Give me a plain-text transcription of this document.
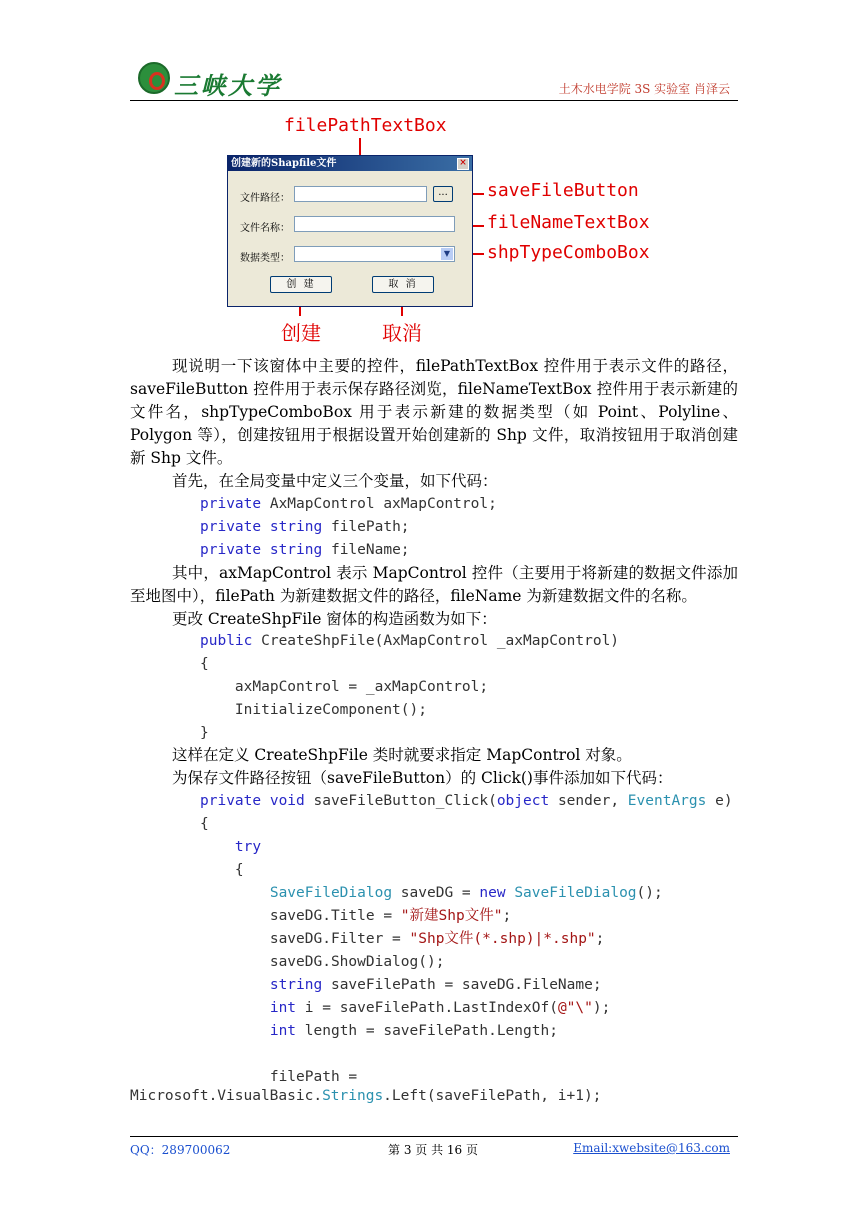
三峡大学	土木水电学院 3S 实验室 肖泽云
filePathTextBox
saveFileButton
fileNameTextBox
shpTypeComboBox
创建	取消
创建新的Shapfile文件	×
文件路径：
...
文件名称：
数据类型：	▼
创 建	取 消
现说明一下该窗体中主要的控件，filePathTextBox 控件用于表示文件的路径，saveFileButton 控件用于表示保存路径浏览，fileNameTextBox 控件用于表示新建的文件名，shpTypeComboBox 用于表示新建的数据类型（如 Point、Polyline、Polygon 等），创建按钮用于根据设置开始创建新的 Shp 文件，取消按钮用于取消创建新 Shp 文件。
首先，在全局变量中定义三个变量，如下代码：
private AxMapControl axMapControl;
private string filePath;
private string fileName;
其中，axMapControl 表示 MapControl 控件（主要用于将新建的数据文件添加至地图中），filePath 为新建数据文件的路径，fileName 为新建数据文件的名称。
更改 CreateShpFile 窗体的构造函数为如下：
public CreateShpFile(AxMapControl _axMapControl)
{
axMapControl = _axMapControl;
InitializeComponent();
}
这样在定义 CreateShpFile 类时就要求指定 MapControl 对象。
为保存文件路径按钮（saveFileButton）的 Click()事件添加如下代码：
private void saveFileButton_Click(object sender, EventArgs e)
{
try
{
SaveFileDialog saveDG = new SaveFileDialog();
saveDG.Title = "新建Shp文件";
saveDG.Filter = "Shp文件(*.shp)|*.shp";
saveDG.ShowDialog();
string saveFilePath = saveDG.FileName;
int i = saveFilePath.LastIndexOf(@"\");
int length = saveFilePath.Length;

filePath =
Microsoft.VisualBasic.Strings.Left(saveFilePath, i+1);
QQ：289700062	第 3 页 共 16 页	Email:xwebsite@163.com
